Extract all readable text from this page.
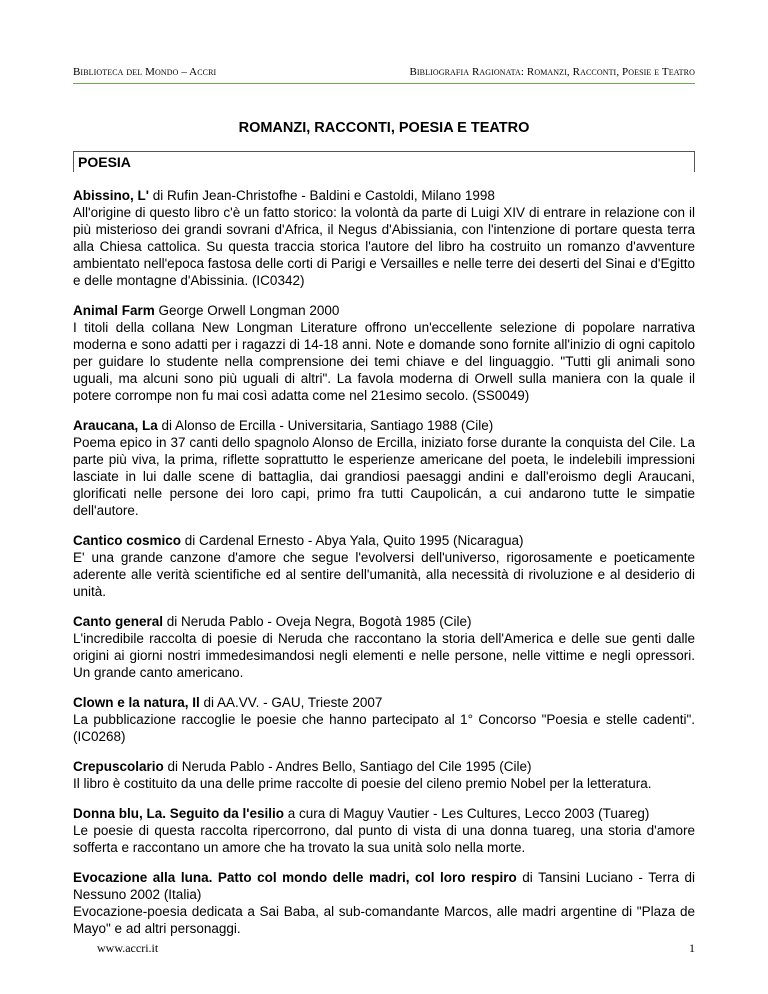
Biblioteca del Mondo – Accri	Bibliografia Ragionata: Romanzi, Racconti, Poesie e Teatro
ROMANZI, RACCONTI, POESIA E TEATRO
POESIA
Abissino, L' di Rufin Jean-Christofhe - Baldini e Castoldi, Milano 1998
All'origine di questo libro c'è un fatto storico: la volontà da parte di Luigi XIV di entrare in relazione con il più misterioso dei grandi sovrani d'Africa, il Negus d'Abissiania, con l'intenzione di portare questa terra alla Chiesa cattolica. Su questa traccia storica l'autore del libro ha costruito un romanzo d'avventure ambientato nell'epoca fastosa delle corti di Parigi e Versailles e nelle terre dei deserti del Sinai e d'Egitto e delle montagne d'Abissinia. (IC0342)
Animal Farm George Orwell Longman 2000
I titoli della collana New Longman Literature offrono un'eccellente selezione di popolare narrativa moderna e sono adatti per i ragazzi di 14-18 anni. Note e domande sono fornite all'inizio di ogni capitolo per guidare lo studente nella comprensione dei temi chiave e del linguaggio. "Tutti gli animali sono uguali, ma alcuni sono più uguali di altri". La favola moderna di Orwell sulla maniera con la quale il potere corrompe non fu mai così adatta come nel 21esimo secolo. (SS0049)
Araucana, La di Alonso de Ercilla - Universitaria, Santiago 1988 (Cile)
Poema epico in 37 canti dello spagnolo Alonso de Ercilla, iniziato forse durante la conquista del Cile. La parte più viva, la prima, riflette soprattutto le esperienze americane del poeta, le indelebili impressioni lasciate in lui dalle scene di battaglia, dai grandiosi paesaggi andini e dall'eroismo degli Araucani, glorificati nelle persone dei loro capi, primo fra tutti Caupolicán, a cui andarono tutte le simpatie dell'autore.
Cantico cosmico di Cardenal Ernesto - Abya Yala, Quito 1995 (Nicaragua)
E' una grande canzone d'amore che segue l'evolversi dell'universo, rigorosamente e poeticamente aderente alle verità scientifiche ed al sentire dell'umanità, alla necessità di rivoluzione e al desiderio di unità.
Canto general di Neruda Pablo - Oveja Negra, Bogotà 1985 (Cile)
L'incredibile raccolta di poesie di Neruda che raccontano la storia dell'America e delle sue genti dalle origini ai giorni nostri immedesimandosi negli elementi e nelle persone, nelle vittime e negli opressori. Un grande canto americano.
Clown e la natura, Il di AA.VV. - GAU, Trieste 2007
La pubblicazione raccoglie le poesie che hanno partecipato al 1° Concorso "Poesia e stelle cadenti". (IC0268)
Crepuscolario di Neruda Pablo - Andres Bello, Santiago del Cile 1995 (Cile)
Il libro è costituito da una delle prime raccolte di poesie del cileno premio Nobel per la letteratura.
Donna blu, La. Seguito da l'esilio a cura di Maguy Vautier - Les Cultures, Lecco 2003 (Tuareg)
Le poesie di questa raccolta ripercorrono, dal punto di vista di una donna tuareg, una storia d'amore sofferta e raccontano un amore che ha trovato la sua unità solo nella morte.
Evocazione alla luna. Patto col mondo delle madri, col loro respiro di Tansini Luciano - Terra di Nessuno 2002 (Italia)
Evocazione-poesia dedicata a Sai Baba, al sub-comandante Marcos, alle madri argentine di "Plaza de Mayo" e ad altri personaggi.
www.accri.it	1
